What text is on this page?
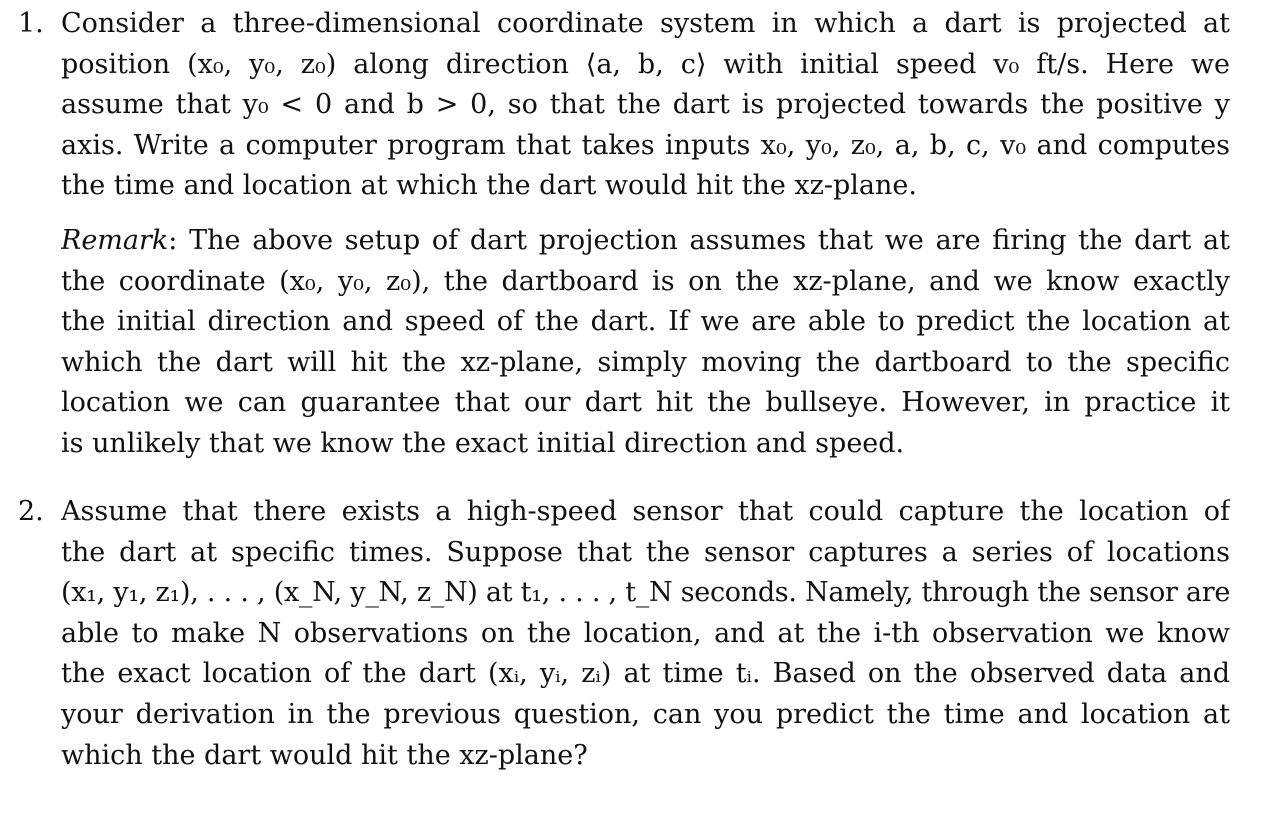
1. Consider a three-dimensional coordinate system in which a dart is projected at
position (x₀, y₀, z₀) along direction ⟨a, b, c⟩ with initial speed v₀ ft/s. Here we
assume that y₀ < 0 and b > 0, so that the dart is projected towards the positive y
axis. Write a computer program that takes inputs x₀, y₀, z₀, a, b, c, v₀ and computes
the time and location at which the dart would hit the xz-plane.
Remark: The above setup of dart projection assumes that we are firing the dart at
the coordinate (x₀, y₀, z₀), the dartboard is on the xz-plane, and we know exactly
the initial direction and speed of the dart. If we are able to predict the location at
which the dart will hit the xz-plane, simply moving the dartboard to the specific
location we can guarantee that our dart hit the bullseye. However, in practice it
is unlikely that we know the exact initial direction and speed.
2. Assume that there exists a high-speed sensor that could capture the location of
the dart at specific times. Suppose that the sensor captures a series of locations
(x₁, y₁, z₁), . . . , (x_N, y_N, z_N) at t₁, . . . , t_N seconds. Namely, through the sensor are
able to make N observations on the location, and at the i-th observation we know
the exact location of the dart (xᵢ, yᵢ, zᵢ) at time tᵢ. Based on the observed data and
your derivation in the previous question, can you predict the time and location at
which the dart would hit the xz-plane?
